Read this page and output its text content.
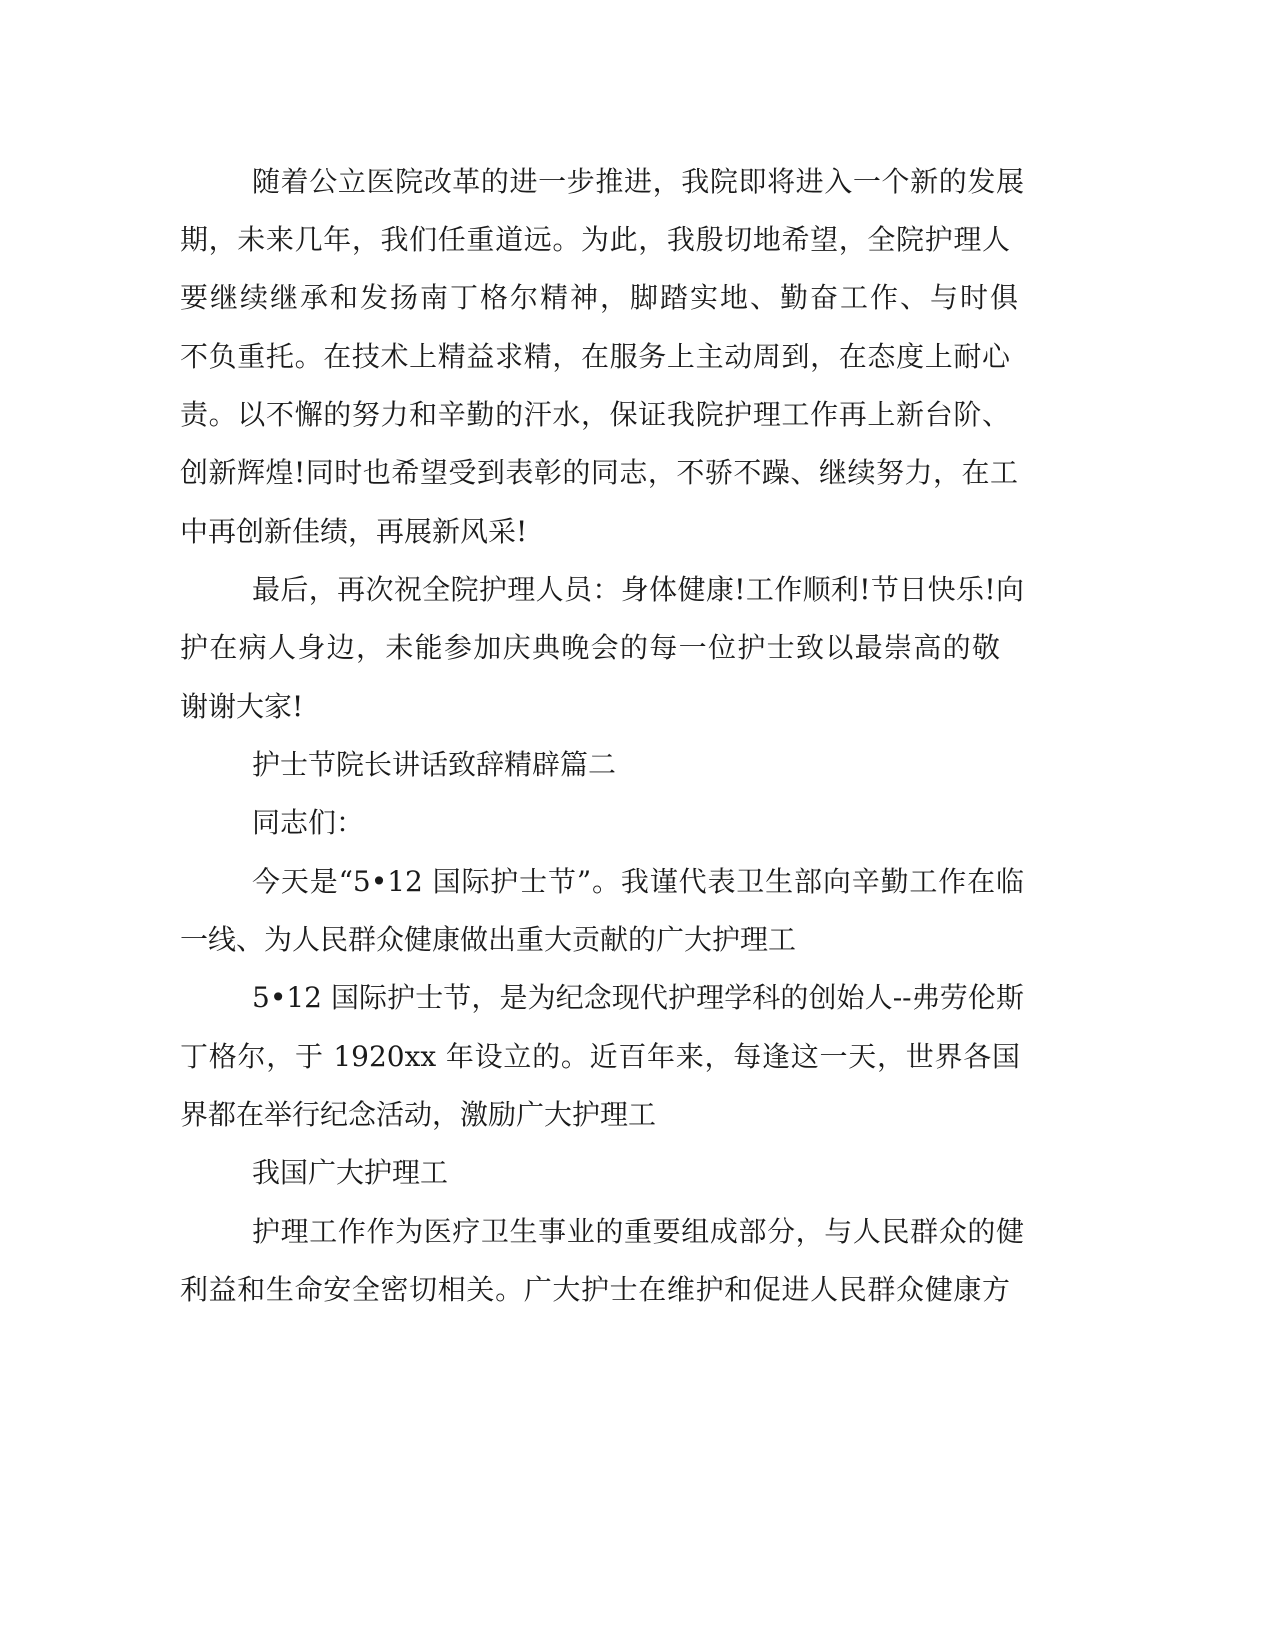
随着公立医院改革的进一步推进，我院即将进入一个新的发展

期，未来几年，我们任重道远。为此，我殷切地希望，全院护理人

要继续继承和发扬南丁格尔精神，脚踏实地、勤奋工作、与时俱

不负重托。在技术上精益求精，在服务上主动周到，在态度上耐心

责。以不懈的努力和辛勤的汗水，保证我院护理工作再上新台阶、

创新辉煌!同时也希望受到表彰的同志，不骄不躁、继续努力，在工

中再创新佳绩，再展新风采!

最后，再次祝全院护理人员：身体健康!工作顺利!节日快乐!向

护在病人身边，未能参加庆典晚会的每一位护士致以最崇高的敬

谢谢大家!

护士节院长讲话致辞精辟篇二

同志们：

今天是“5•12 国际护士节”。我谨代表卫生部向辛勤工作在临

一线、为人民群众健康做出重大贡献的广大护理工

5•12 国际护士节，是为纪念现代护理学科的创始人--弗劳伦斯

丁格尔，于 1920xx 年设立的。近百年来，每逢这一天，世界各国

界都在举行纪念活动，激励广大护理工

我国广大护理工

护理工作作为医疗卫生事业的重要组成部分，与人民群众的健

利益和生命安全密切相关。广大护士在维护和促进人民群众健康方
